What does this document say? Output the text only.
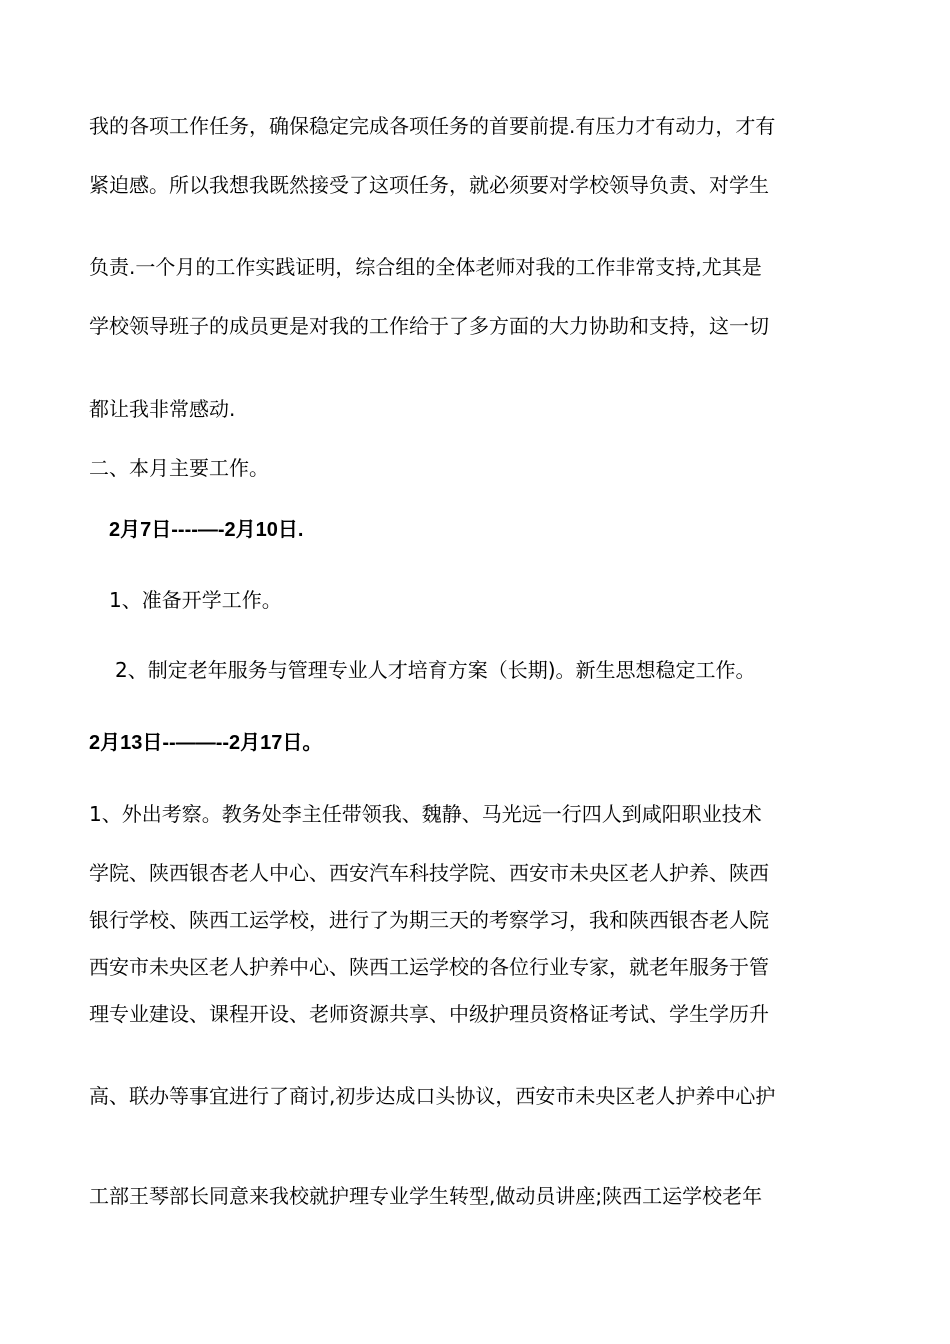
我的各项工作任务，确保稳定完成各项任务的首要前提.有压力才有动力，才有
紧迫感。所以我想我既然接受了这项任务，就必须要对学校领导负责、对学生
负责.一个月的工作实践证明，综合组的全体老师对我的工作非常支持,尤其是
学校领导班子的成员更是对我的工作给于了多方面的大力协助和支持，这一切
都让我非常感动.
二、本月主要工作。
2月7日----—-2月10日.
1、准备开学工作。
2、制定老年服务与管理专业人才培育方案（长期)。新生思想稳定工作。
2月13日--——--2月17日。
1、外出考察。教务处李主任带领我、魏静、马光远一行四人到咸阳职业技术
学院、陕西银杏老人中心、西安汽车科技学院、西安市未央区老人护养、陕西
银行学校、陕西工运学校，进行了为期三天的考察学习，我和陕西银杏老人院
西安市未央区老人护养中心、陕西工运学校的各位行业专家，就老年服务于管
理专业建设、课程开设、老师资源共享、中级护理员资格证考试、学生学历升
高、联办等事宜进行了商讨,初步达成口头协议，西安市未央区老人护养中心护
工部王琴部长同意来我校就护理专业学生转型,做动员讲座;陕西工运学校老年
